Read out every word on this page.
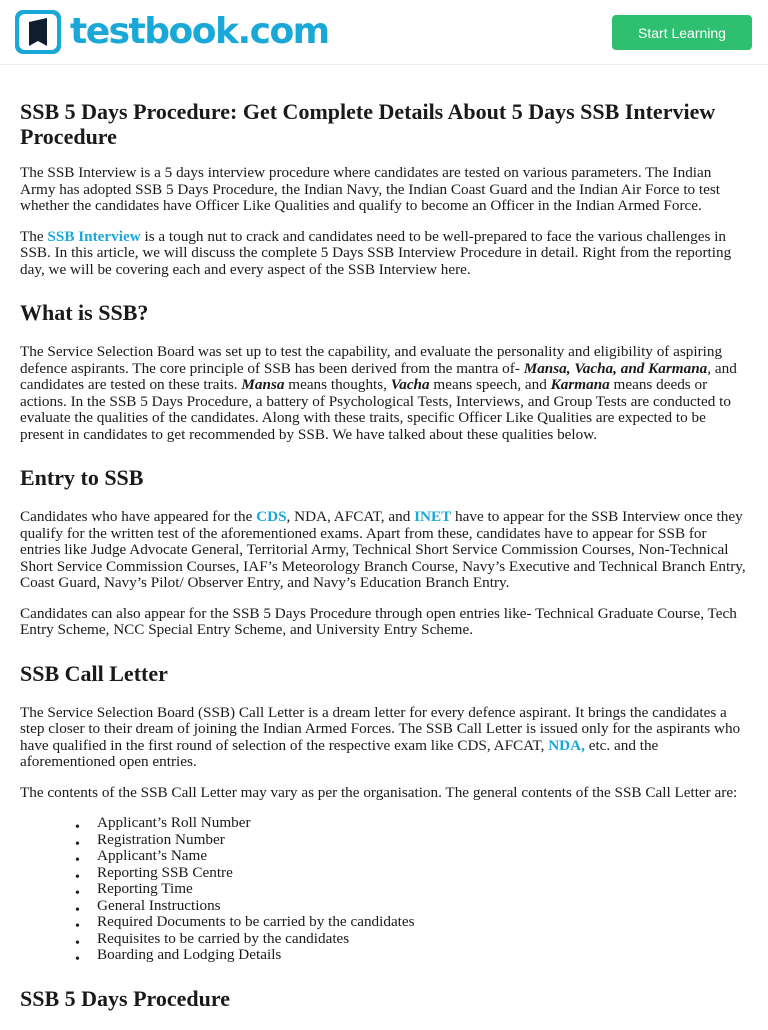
testbook.com	Start Learning
SSB 5 Days Procedure: Get Complete Details About 5 Days SSB Interview Procedure

The SSB Interview is a 5 days interview procedure where candidates are tested on various parameters. The Indian Army has adopted SSB 5 Days Procedure, the Indian Navy, the Indian Coast Guard and the Indian Air Force to test whether the candidates have Officer Like Qualities and qualify to become an Officer in the Indian Armed Force.

The SSB Interview is a tough nut to crack and candidates need to be well-prepared to face the various challenges in SSB. In this article, we will discuss the complete 5 Days SSB Interview Procedure in detail. Right from the reporting day, we will be covering each and every aspect of the SSB Interview here.

What is SSB?

The Service Selection Board was set up to test the capability, and evaluate the personality and eligibility of aspiring defence aspirants. The core principle of SSB has been derived from the mantra of- Mansa, Vacha, and Karmana, and candidates are tested on these traits. Mansa means thoughts, Vacha means speech, and Karmana means deeds or actions. In the SSB 5 Days Procedure, a battery of Psychological Tests, Interviews, and Group Tests are conducted to evaluate the qualities of the candidates. Along with these traits, specific Officer Like Qualities are expected to be present in candidates to get recommended by SSB. We have talked about these qualities below.

Entry to SSB

Candidates who have appeared for the CDS, NDA, AFCAT, and INET have to appear for the SSB Interview once they qualify for the written test of the aforementioned exams. Apart from these, candidates have to appear for SSB for entries like Judge Advocate General, Territorial Army, Technical Short Service Commission Courses, Non-Technical Short Service Commission Courses, IAF’s Meteorology Branch Course, Navy’s Executive and Technical Branch Entry, Coast Guard, Navy’s Pilot/ Observer Entry, and Navy’s Education Branch Entry.

Candidates can also appear for the SSB 5 Days Procedure through open entries like- Technical Graduate Course, Tech Entry Scheme, NCC Special Entry Scheme, and University Entry Scheme.

SSB Call Letter

The Service Selection Board (SSB) Call Letter is a dream letter for every defence aspirant. It brings the candidates a step closer to their dream of joining the Indian Armed Forces. The SSB Call Letter is issued only for the aspirants who have qualified in the first round of selection of the respective exam like CDS, AFCAT, NDA, etc. and the aforementioned open entries.

The contents of the SSB Call Letter may vary as per the organisation. The general contents of the SSB Call Letter are:

• Applicant’s Roll Number
• Registration Number
• Applicant’s Name
• Reporting SSB Centre
• Reporting Time
• General Instructions
• Required Documents to be carried by the candidates
• Requisites to be carried by the candidates
• Boarding and Lodging Details
SSB 5 Days Procedure
